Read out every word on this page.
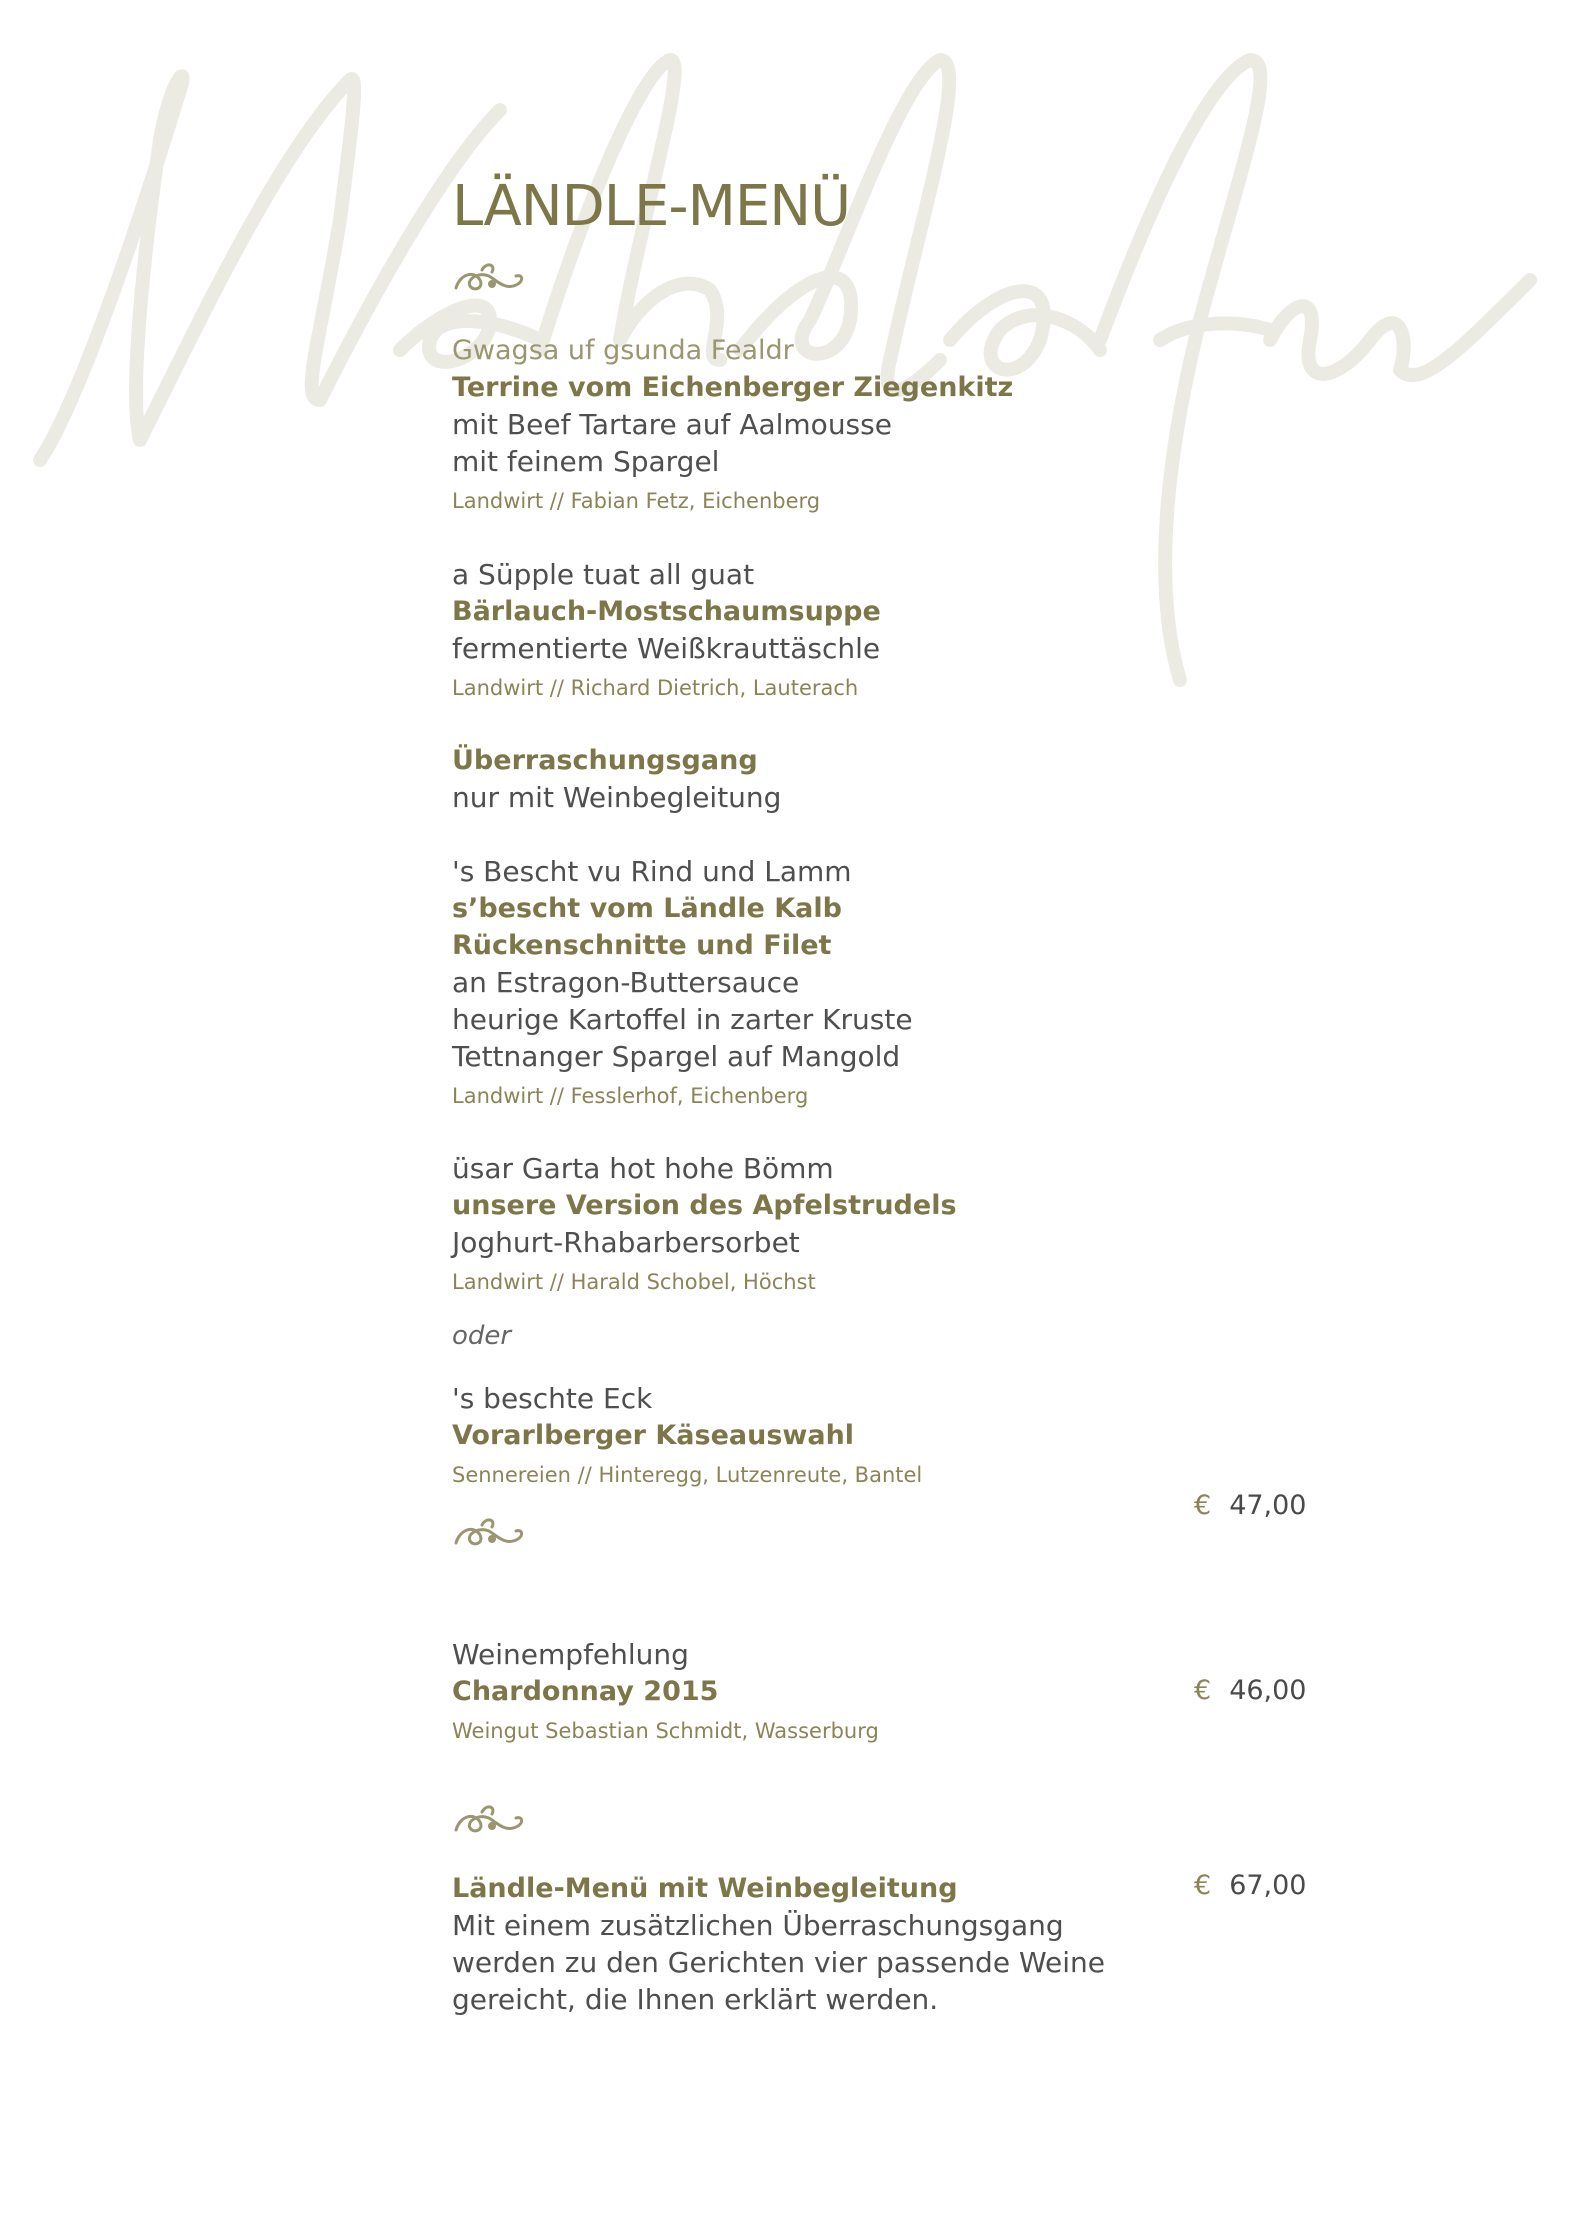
LÄNDLE-MENÜ
Gwagsa uf gsunda Fealdr
Terrine vom Eichenberger Ziegenkitz
mit Beef Tartare auf Aalmousse
mit feinem Spargel
Landwirt // Fabian Fetz, Eichenberg
a Süpple tuat all guat
Bärlauch-Mostschaumsuppe
fermentierte Weißkrauttäschle
Landwirt // Richard Dietrich, Lauterach
Überraschungsgang
nur mit Weinbegleitung
's Bescht vu Rind und Lamm
s’bescht vom Ländle Kalb
Rückenschnitte und Filet
an Estragon-Buttersauce
heurige Kartoffel in zarter Kruste
Tettnanger Spargel auf Mangold
Landwirt // Fesslerhof, Eichenberg
üsar Garta hot hohe Bömm
unsere Version des Apfelstrudels
Joghurt-Rhabarbersorbet
Landwirt // Harald Schobel, Höchst
oder
's beschte Eck
Vorarlberger Käseauswahl
Sennereien // Hinteregg, Lutzenreute, Bantel
€ 47,00
Weinempfehlung
Chardonnay 2015
Weingut Sebastian Schmidt, Wasserburg
€ 46,00
Ländle-Menü mit Weinbegleitung
Mit einem zusätzlichen Überraschungsgang
werden zu den Gerichten vier passende Weine
gereicht, die Ihnen erklärt werden.
€ 67,00
